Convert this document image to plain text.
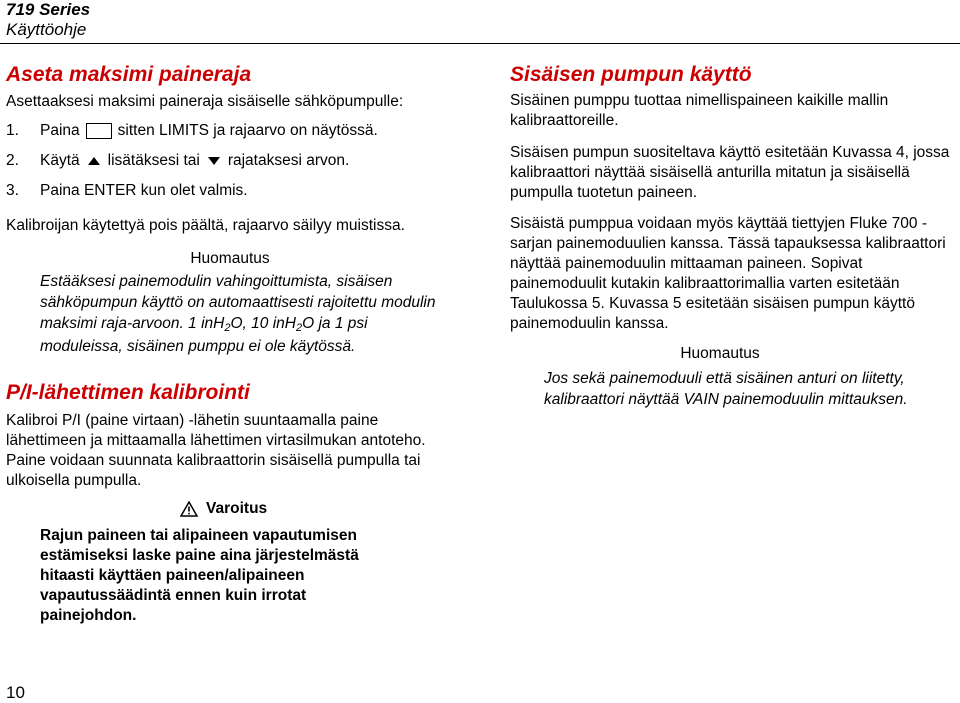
719 Series
Käyttöohje
Aseta maksimi paineraja
Asettaaksesi maksimi paineraja sisäiselle sähköpumpulle:
1.	Paina sitten LIMITS ja rajaarvo on näytössä.
2.	Käytä lisätäksesi tai rajataksesi arvon.
3.	Paina ENTER kun olet valmis.
Kalibroijan käytettyä pois päältä, rajaarvo säilyy muistissa.
Huomautus
Estääksesi painemodulin vahingoittumista, sisäisen sähköpumpun käyttö on automaattisesti rajoitettu modulin maksimi raja-arvoon. 1 inH$_2$O, 10 inH$_2$O ja 1 psi moduleissa, sisäinen pumppu ei ole käytössä.
P/I-lähettimen kalibrointi
Kalibroi P/I (paine virtaan) -lähetin suuntaamalla paine lähettimeen ja mittaamalla lähettimen virtasilmukan antoteho. Paine voidaan suunnata kalibraattorin sisäisellä pumpulla tai ulkoisella pumpulla.
Varoitus
Rajun paineen tai alipaineen vapautumisen estämiseksi laske paine aina järjestelmästä hitaasti käyttäen paineen/alipaineen vapautussäädintä ennen kuin irrotat painejohdon.
Sisäisen pumpun käyttö
Sisäinen pumppu tuottaa nimellispaineen kaikille mallin kalibraattoreille.
Sisäisen pumpun suositeltava käyttö esitetään Kuvassa 4, jossa kalibraattori näyttää sisäisellä anturilla mitatun ja sisäisellä pumpulla tuotetun paineen.
Sisäistä pumppua voidaan myös käyttää tiettyjen Fluke 700 -sarjan painemoduulien kanssa. Tässä tapauksessa kalibraattori näyttää painemoduulin mittaaman paineen. Sopivat painemoduulit kutakin kalibraattorimallia varten esitetään Taulukossa 5. Kuvassa 5 esitetään sisäisen pumpun käyttö painemoduulin kanssa.
Huomautus
Jos sekä painemoduuli että sisäinen anturi on liitetty, kalibraattori näyttää VAIN painemoduulin mittauksen.
10
